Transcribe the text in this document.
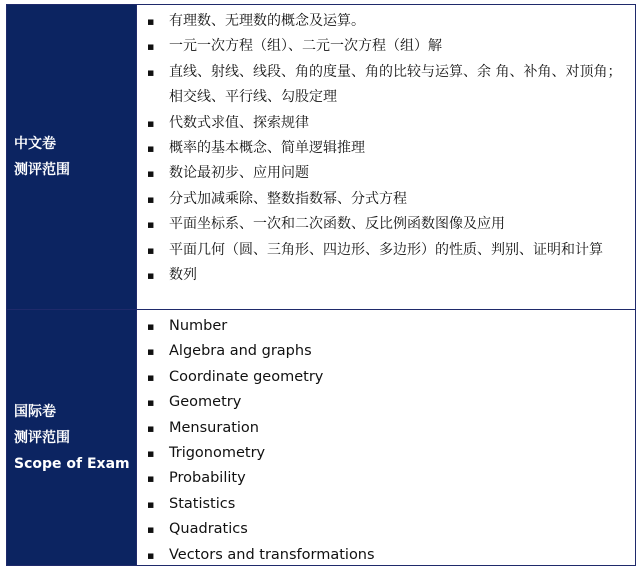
中文卷
测评范围
▪ 有理数、无理数的概念及运算。
▪ 一元一次方程（组）、二元一次方程（组）解
▪ 直线、射线、线段、角的度量、角的比较与运算、余 角、补角、对顶角；相交线、平行线、勾股定理
▪ 代数式求值、探索规律
▪ 概率的基本概念、简单逻辑推理
▪ 数论最初步、应用问题
▪ 分式加减乘除、整数指数幂、分式方程
▪ 平面坐标系、一次和二次函数、反比例函数图像及应用
▪ 平面几何（圆、三角形、四边形、多边形）的性质、判别、证明和计算
▪ 数列
国际卷
测评范围
Scope of Exam
▪ Number
▪ Algebra and graphs
▪ Coordinate geometry
▪ Geometry
▪ Mensuration
▪ Trigonometry
▪ Probability
▪ Statistics
▪ Quadratics
▪ Vectors and transformations
